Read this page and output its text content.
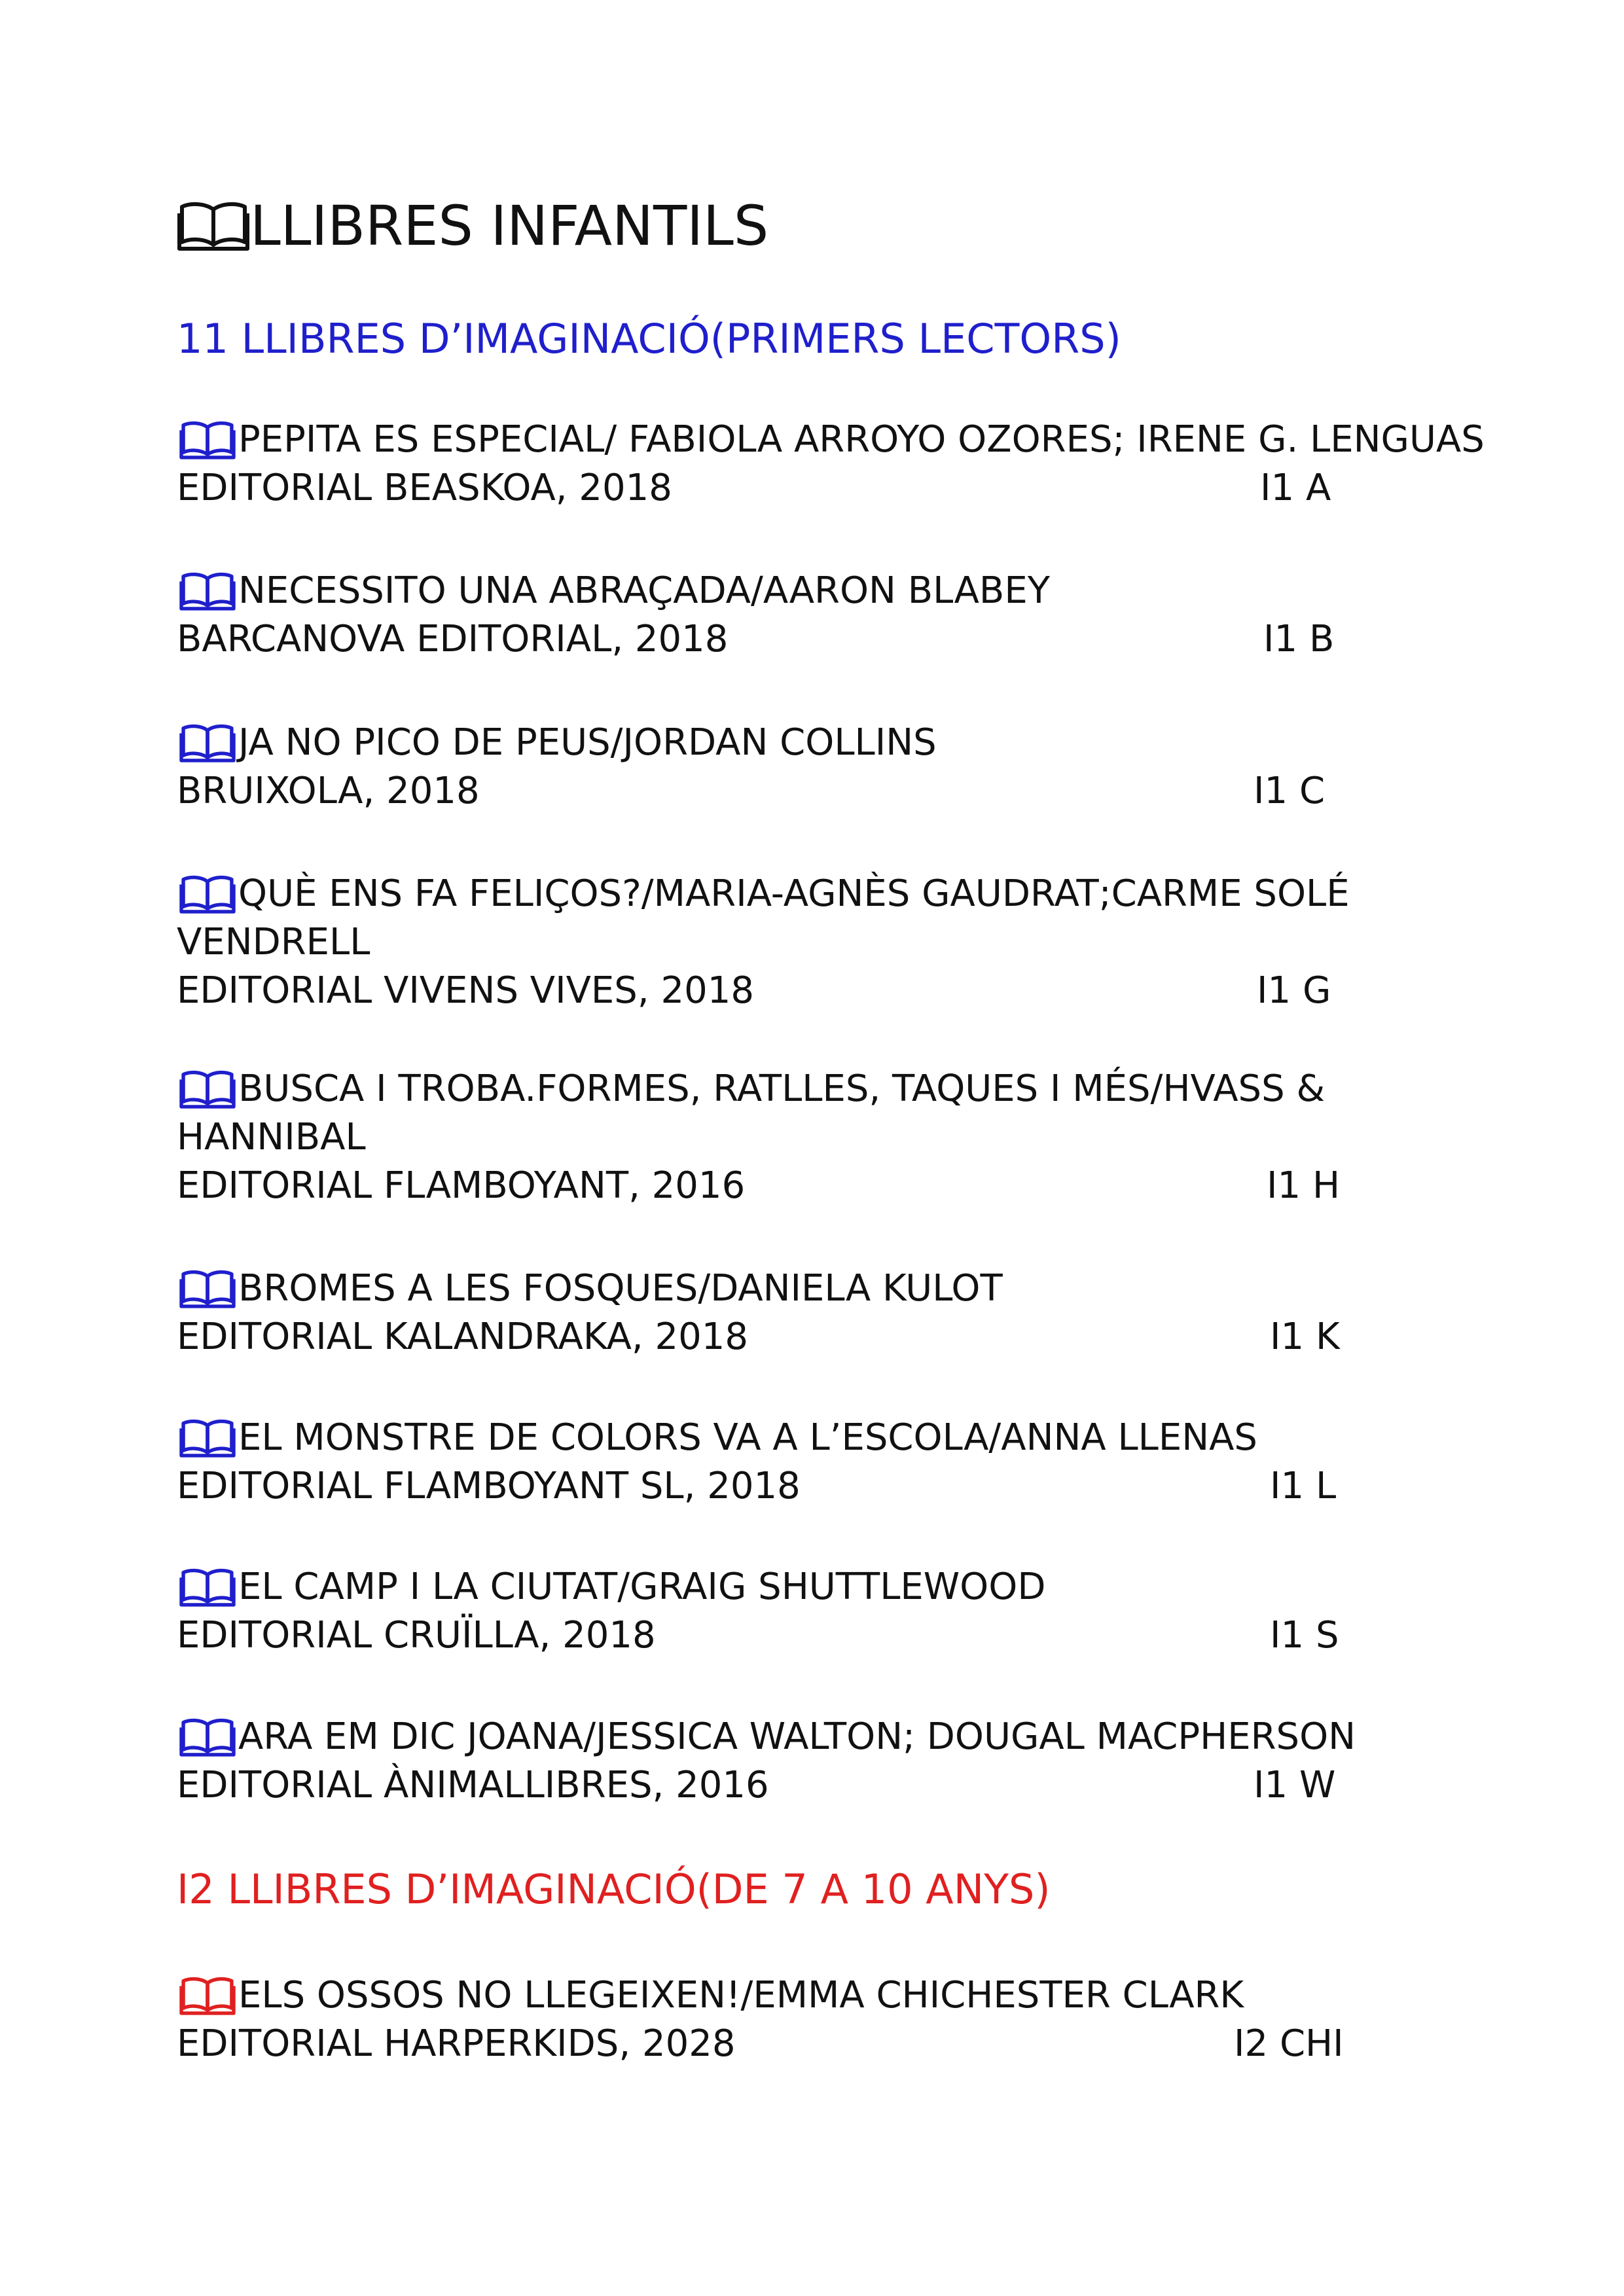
LLIBRES INFANTILS
11 LLIBRES D’IMAGINACIÓ(PRIMERS LECTORS)
PEPITA ES ESPECIAL/ FABIOLA ARROYO OZORES; IRENE G. LENGUAS
EDITORIAL BEASKOA, 2018	I1 A
NECESSITO UNA ABRAÇADA/AARON BLABEY
BARCANOVA EDITORIAL, 2018	I1 B
JA NO PICO DE PEUS/JORDAN COLLINS
BRUIXOLA, 2018	I1 C
QUÈ ENS FA FELIÇOS?/MARIA-AGNÈS GAUDRAT;CARME SOLÉ
VENDRELL
EDITORIAL VIVENS VIVES, 2018	I1 G
BUSCA I TROBA.FORMES, RATLLES, TAQUES I MÉS/HVASS &
HANNIBAL
EDITORIAL FLAMBOYANT, 2016	I1 H
BROMES A LES FOSQUES/DANIELA KULOT
EDITORIAL KALANDRAKA, 2018	I1 K
EL MONSTRE DE COLORS VA A L’ESCOLA/ANNA LLENAS
EDITORIAL FLAMBOYANT SL, 2018	I1 L
EL CAMP I LA CIUTAT/GRAIG SHUTTLEWOOD
EDITORIAL CRUÏLLA, 2018	I1 S
ARA EM DIC JOANA/JESSICA WALTON; DOUGAL MACPHERSON
EDITORIAL ÀNIMALLIBRES, 2016	I1 W
I2 LLIBRES D’IMAGINACIÓ(DE 7 A 10 ANYS)
ELS OSSOS NO LLEGEIXEN!/EMMA CHICHESTER CLARK
EDITORIAL HARPERKIDS, 2028	I2 CHI
